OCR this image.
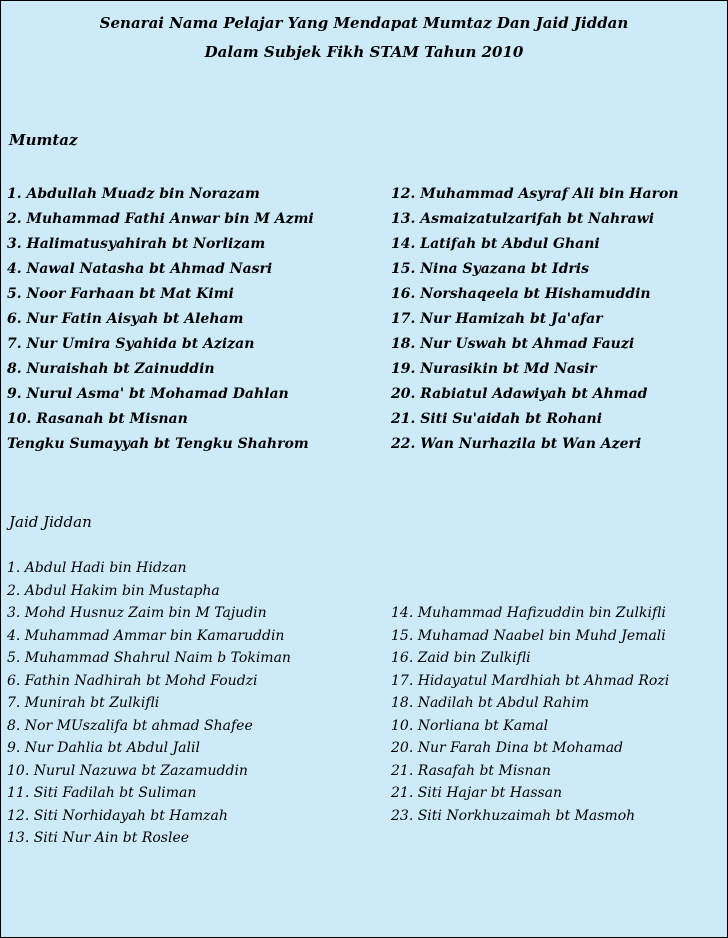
Senarai Nama Pelajar Yang Mendapat Mumtaz Dan Jaid Jiddan
Dalam Subjek Fikh STAM Tahun 2010
Mumtaz
1. Abdullah Muadz bin Norazam
2. Muhammad Fathi Anwar bin M Azmi
3. Halimatusyahirah bt Norlizam
4. Nawal Natasha bt Ahmad Nasri
5. Noor Farhaan bt Mat Kimi
6. Nur Fatin Aisyah bt Aleham
7. Nur Umira Syahida bt Azizan
8. Nuraishah bt Zainuddin
9. Nurul Asma' bt Mohamad Dahlan
10. Rasanah bt Misnan
Tengku Sumayyah bt Tengku Shahrom
12. Muhammad Asyraf Ali bin Haron
13. Asmaizatulzarifah bt Nahrawi
14. Latifah bt Abdul Ghani
15. Nina Syazana bt Idris
16. Norshaqeela bt Hishamuddin
17. Nur Hamizah bt Ja'afar
18. Nur Uswah bt Ahmad Fauzi
19. Nurasikin bt Md Nasir
20. Rabiatul Adawiyah bt Ahmad
21. Siti Su'aidah bt Rohani
22. Wan Nurhazila bt Wan Azeri
Jaid Jiddan
1. Abdul Hadi bin Hidzan
2. Abdul Hakim bin Mustapha
3. Mohd Husnuz Zaim bin M Tajudin
4. Muhammad Ammar bin Kamaruddin
5. Muhammad Shahrul Naim b Tokiman
6. Fathin Nadhirah bt Mohd Foudzi
7. Munirah bt Zulkifli
8. Nor MUszalifa bt ahmad Shafee
9. Nur Dahlia bt Abdul Jalil
10. Nurul Nazuwa bt Zazamuddin
11. Siti Fadilah bt Suliman
12. Siti Norhidayah bt Hamzah
13. Siti Nur Ain bt Roslee
14. Muhammad Hafizuddin bin Zulkifli
15. Muhamad Naabel bin Muhd Jemali
16. Zaid bin Zulkifli
17. Hidayatul Mardhiah bt Ahmad Rozi
18. Nadilah bt Abdul Rahim
10. Norliana bt Kamal
20. Nur Farah Dina bt Mohamad
21. Rasafah bt Misnan
21. Siti Hajar bt Hassan
23. Siti Norkhuzaimah bt Masmoh
